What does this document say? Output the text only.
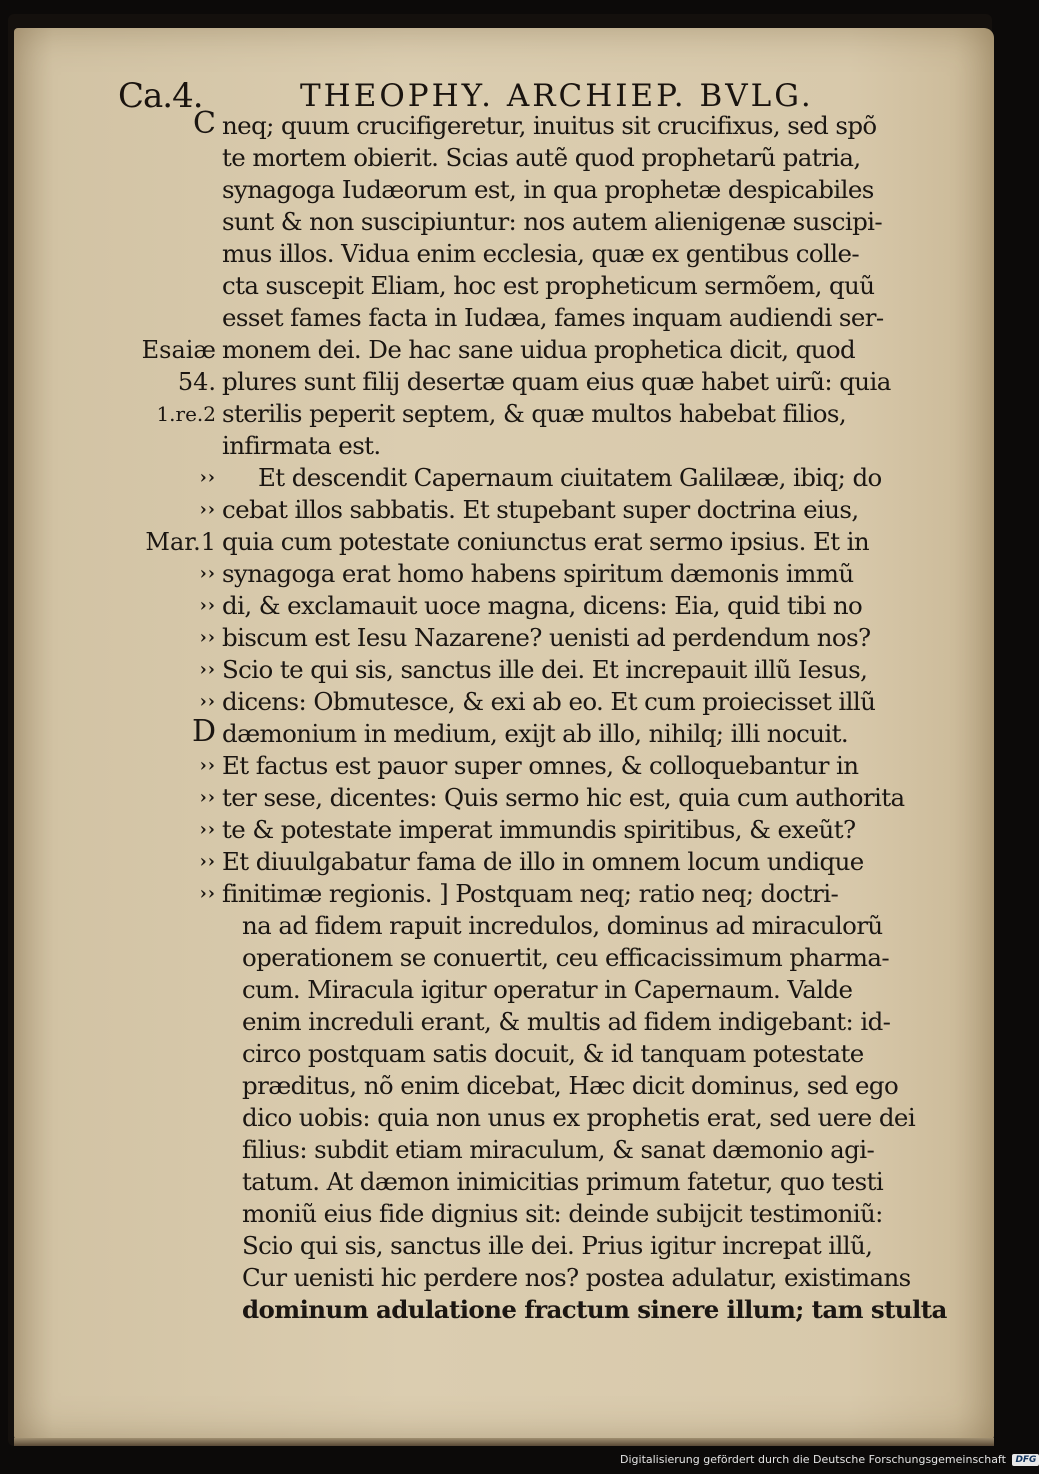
Ca.4.	THEOPHY. ARCHIEP. BVLG.
C
Esaiæ
54.
1.re.2
››
››
Mar.1
››
››
››
››
››
D
››
››
››
››
››
neq; quum crucifigeretur, inuitus sit crucifixus, sed spõ
te mortem obierit. Scias autẽ quod prophetarũ patria,
synagoga Iudæorum est, in qua prophetæ despicabiles
sunt & non suscipiuntur: nos autem alienigenæ suscipi-
mus illos. Vidua enim ecclesia, quæ ex gentibus colle-
cta suscepit Eliam, hoc est propheticum sermõem, quũ
esset fames facta in Iudæa, fames inquam audiendi ser-
monem dei. De hac sane uidua prophetica dicit, quod
plures sunt filij desertæ quam eius quæ habet uirũ: quia
sterilis peperit septem, & quæ multos habebat filios,
infirmata est.
Et descendit Capernaum ciuitatem Galilææ, ibiq; do
cebat illos sabbatis. Et stupebant super doctrina eius,
quia cum potestate coniunctus erat sermo ipsius. Et in
synagoga erat homo habens spiritum dæmonis immũ
di, & exclamauit uoce magna, dicens: Eia, quid tibi no
biscum est Iesu Nazarene? uenisti ad perdendum nos?
Scio te qui sis, sanctus ille dei. Et increpauit illũ Iesus,
dicens: Obmutesce, & exi ab eo. Et cum proiecisset illũ
dæmonium in medium, exijt ab illo, nihilq; illi nocuit.
Et factus est pauor super omnes, & colloquebantur in
ter sese, dicentes: Quis sermo hic est, quia cum authorita
te & potestate imperat immundis spiritibus, & exeũt?
Et diuulgabatur fama de illo in omnem locum undique
finitimæ regionis. ] Postquam neq; ratio neq; doctri-
na ad fidem rapuit incredulos, dominus ad miraculorũ
operationem se conuertit, ceu efficacissimum pharma-
cum. Miracula igitur operatur in Capernaum. Valde
enim increduli erant, & multis ad fidem indigebant: id-
circo postquam satis docuit, & id tanquam potestate
præditus, nõ enim dicebat, Hæc dicit dominus, sed ego
dico uobis: quia non unus ex prophetis erat, sed uere dei
filius: subdit etiam miraculum, & sanat dæmonio agi-
tatum. At dæmon inimicitias primum fatetur, quo testi
moniũ eius fide dignius sit: deinde subijcit testimoniũ:
Scio qui sis, sanctus ille dei. Prius igitur increpat illũ,
Cur uenisti hic perdere nos? postea adulatur, existimans
dominum adulatione fractum sinere illum; tam stulta
Digitalisierung gefördert durch die Deutsche Forschungsgemeinschaft DFG
